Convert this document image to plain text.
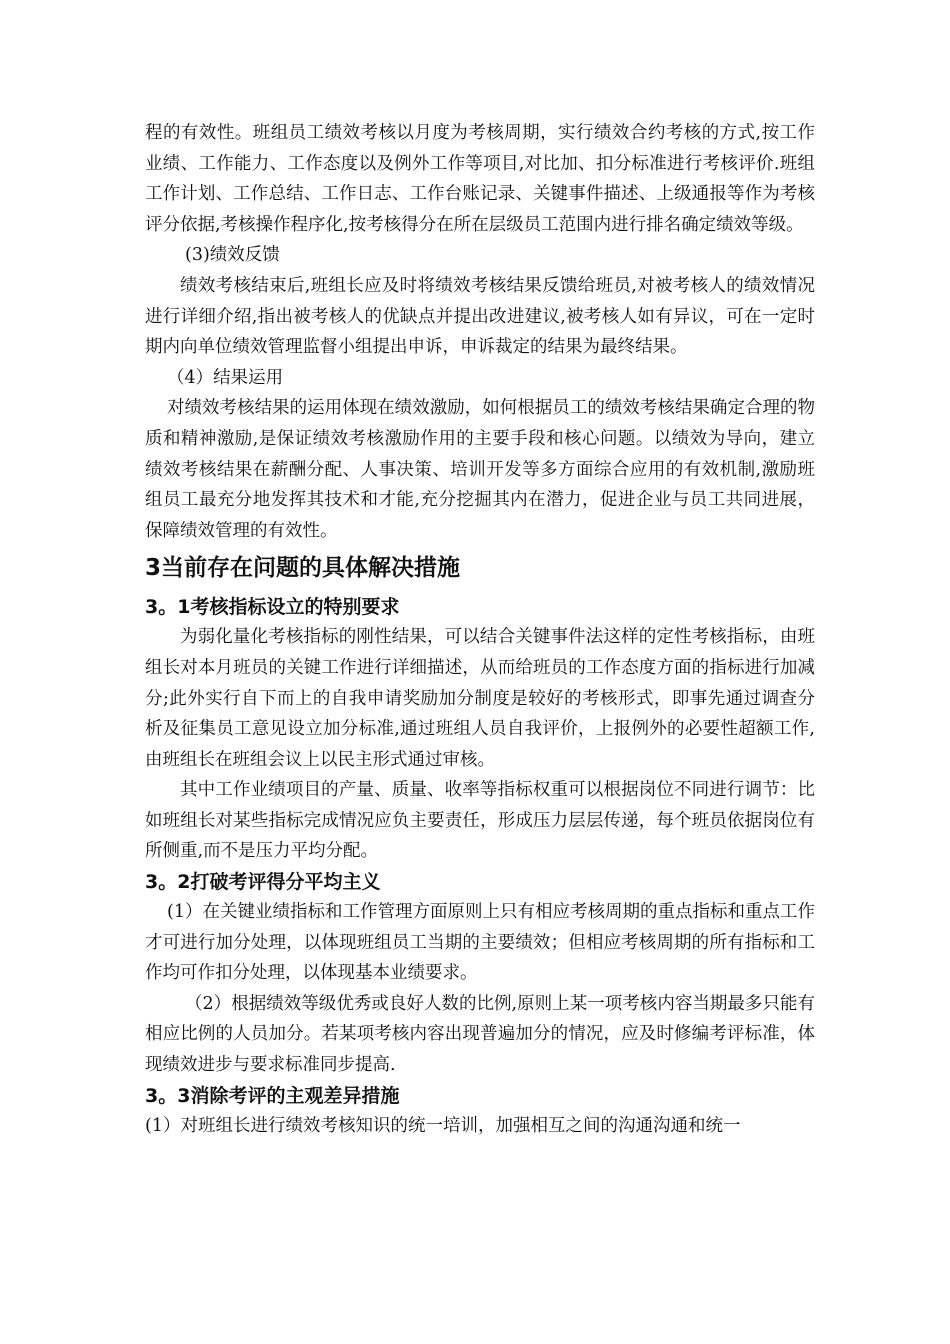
程的有效性。班组员工绩效考核以月度为考核周期，实行绩效合约考核的方式,按工作业绩、工作能力、工作态度以及例外工作等项目,对比加、扣分标准进行考核评价.班组工作计划、工作总结、工作日志、工作台账记录、关键事件描述、上级通报等作为考核评分依据,考核操作程序化,按考核得分在所在层级员工范围内进行排名确定绩效等级。

(3)绩效反馈

绩效考核结束后,班组长应及时将绩效考核结果反馈给班员,对被考核人的绩效情况进行详细介绍,指出被考核人的优缺点并提出改进建议,被考核人如有异议，可在一定时期内向单位绩效管理监督小组提出申诉，申诉裁定的结果为最终结果。

（4）结果运用

对绩效考核结果的运用体现在绩效激励，如何根据员工的绩效考核结果确定合理的物质和精神激励,是保证绩效考核激励作用的主要手段和核心问题。以绩效为导向，建立绩效考核结果在薪酬分配、人事决策、培训开发等多方面综合应用的有效机制,激励班组员工最充分地发挥其技术和才能,充分挖掘其内在潜力，促进企业与员工共同进展，保障绩效管理的有效性。

3当前存在问题的具体解决措施
3。1考核指标设立的特别要求

为弱化量化考核指标的刚性结果，可以结合关键事件法这样的定性考核指标，由班组长对本月班员的关键工作进行详细描述，从而给班员的工作态度方面的指标进行加减分;此外实行自下而上的自我申请奖励加分制度是较好的考核形式，即事先通过调查分析及征集员工意见设立加分标准,通过班组人员自我评价，上报例外的必要性超额工作,由班组长在班组会议上以民主形式通过审核。

其中工作业绩项目的产量、质量、收率等指标权重可以根据岗位不同进行调节：比如班组长对某些指标完成情况应负主要责任，形成压力层层传递，每个班员依据岗位有所侧重,而不是压力平均分配。

3。2打破考评得分平均主义

(1）在关键业绩指标和工作管理方面原则上只有相应考核周期的重点指标和重点工作才可进行加分处理，以体现班组员工当期的主要绩效；但相应考核周期的所有指标和工作均可作扣分处理，以体现基本业绩要求。

（2）根据绩效等级优秀或良好人数的比例,原则上某一项考核内容当期最多只能有相应比例的人员加分。若某项考核内容出现普遍加分的情况，应及时修编考评标准，体现绩效进步与要求标准同步提高.

3。3消除考评的主观差异措施

(1）对班组长进行绩效考核知识的统一培训，加强相互之间的沟通沟通和统一
